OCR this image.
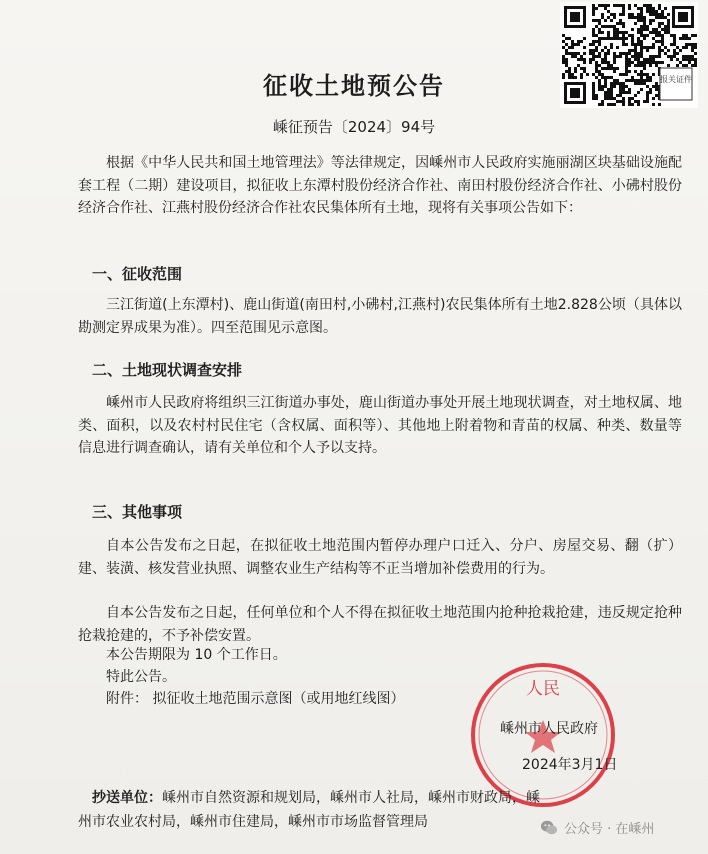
报关证件
征收土地预公告
嵊征预告〔2024〕94号

根据《中华人民共和国土地管理法》等法律规定，因嵊州市人民政府实施丽湖区块基础设施配套工程（二期）建设项目，拟征收上东潭村股份经济合作社、南田村股份经济合作社、小砩村股份经济合作社、江燕村股份经济合作社农民集体所有土地，现将有关事项公告如下：

一、征收范围

三江街道(上东潭村)、鹿山街道(南田村,小砩村,江燕村)农民集体所有土地2.828公顷（具体以勘测定界成果为准）。四至范围见示意图。

二、土地现状调查安排

嵊州市人民政府将组织三江街道办事处，鹿山街道办事处开展土地现状调查，对土地权属、地类、面积，以及农村村民住宅（含权属、面积等）、其他地上附着物和青苗的权属、种类、数量等信息进行调查确认，请有关单位和个人予以支持。

三、其他事项

自本公告发布之日起，在拟征收土地范围内暂停办理户口迁入、分户、房屋交易、翻（扩）建、装潢、核发营业执照、调整农业生产结构等不正当增加补偿费用的行为。

自本公告发布之日起，任何单位和个人不得在拟征收土地范围内抢种抢栽抢建，违反规定抢种抢栽抢建的，不予补偿安置。

本公告期限为 10 个工作日。
特此公告。
附件： 拟征收土地范围示意图（或用地红线图）	人民
嵊州市人民政府
2024年3月1日
抄送单位：嵊州市自然资源和规划局，嵊州市人社局，嵊州市财政局，嵊
州市农业农村局，嵊州市住建局，嵊州市市场监督管理局	公众号 · 在嵊州
